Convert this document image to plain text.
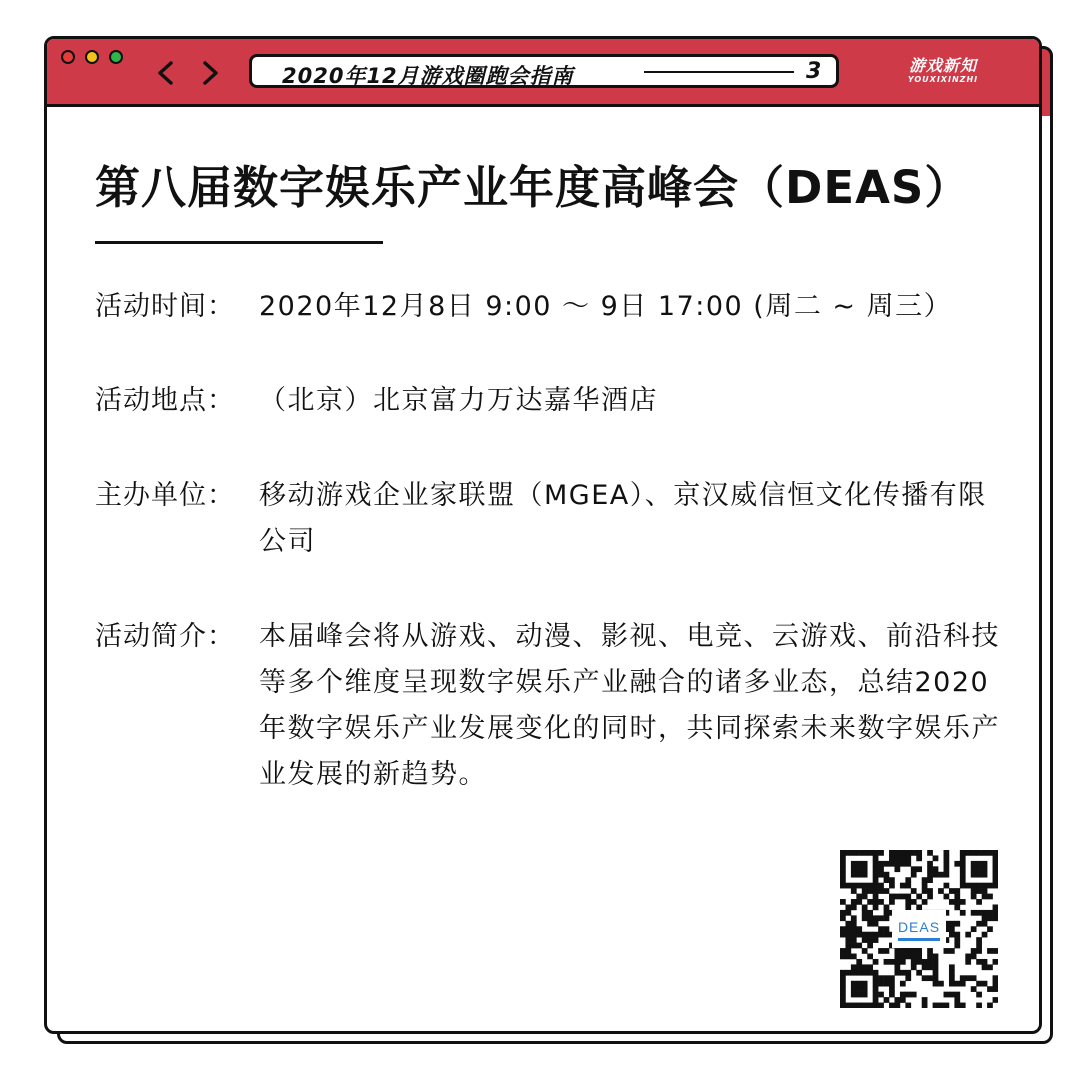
2020年12月游戏圈跑会指南	3	游戏新知
YOUXIXINZHI
第八届数字娱乐产业年度高峰会（DEAS）
活动时间： 2020年12月8日 9:00 ～ 9日 17:00 (周二 ~ 周三）
活动地点： （北京）北京富力万达嘉华酒店
主办单位： 移动游戏企业家联盟（MGEA）、京汉威信恒文化传播有限公司
活动简介： 本届峰会将从游戏、动漫、影视、电竞、云游戏、前沿科技等多个维度呈现数字娱乐产业融合的诸多业态，总结2020年数字娱乐产业发展变化的同时，共同探索未来数字娱乐产业发展的新趋势。
DEAS
